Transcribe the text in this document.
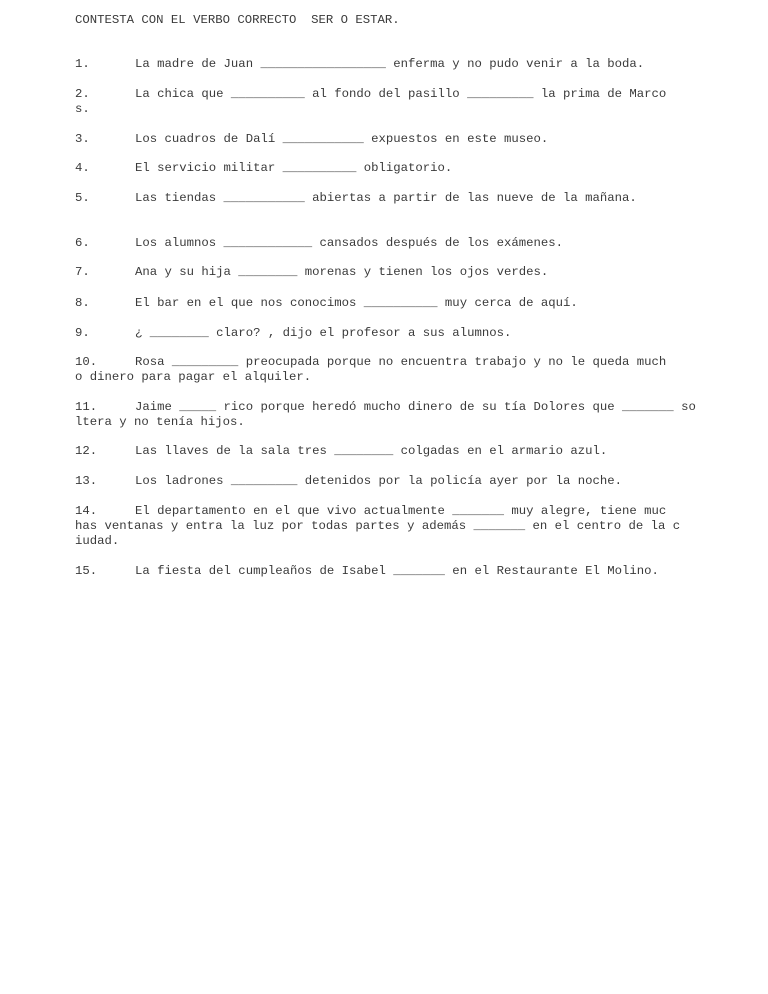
CONTESTA CON EL VERBO CORRECTO  SER O ESTAR.
1.	La madre de Juan _________________ enferma y no pudo venir a la boda.
2.	La chica que __________ al fondo del pasillo _________ la prima de Marco
s.
3.	Los cuadros de Dalí ___________ expuestos en este museo.
4.	El servicio militar __________ obligatorio.
5.	Las tiendas ___________ abiertas a partir de las nueve de la mañana.
6.	Los alumnos ____________ cansados después de los exámenes.
7.	Ana y su hija ________ morenas y tienen los ojos verdes.
8.	El bar en el que nos conocimos __________ muy cerca de aquí.
9.	¿ ________ claro? , dijo el profesor a sus alumnos.
10.	Rosa _________ preocupada porque no encuentra trabajo y no le queda much
o dinero para pagar el alquiler.
11.	Jaime _____ rico porque heredó mucho dinero de su tía Dolores que _______ so
ltera y no tenía hijos.
12.	Las llaves de la sala tres ________ colgadas en el armario azul.
13.	Los ladrones _________ detenidos por la policía ayer por la noche.
14.	El departamento en el que vivo actualmente _______ muy alegre, tiene muc
has ventanas y entra la luz por todas partes y además _______ en el centro de la c
iudad.
15.	La fiesta del cumpleaños de Isabel _______ en el Restaurante El Molino.
